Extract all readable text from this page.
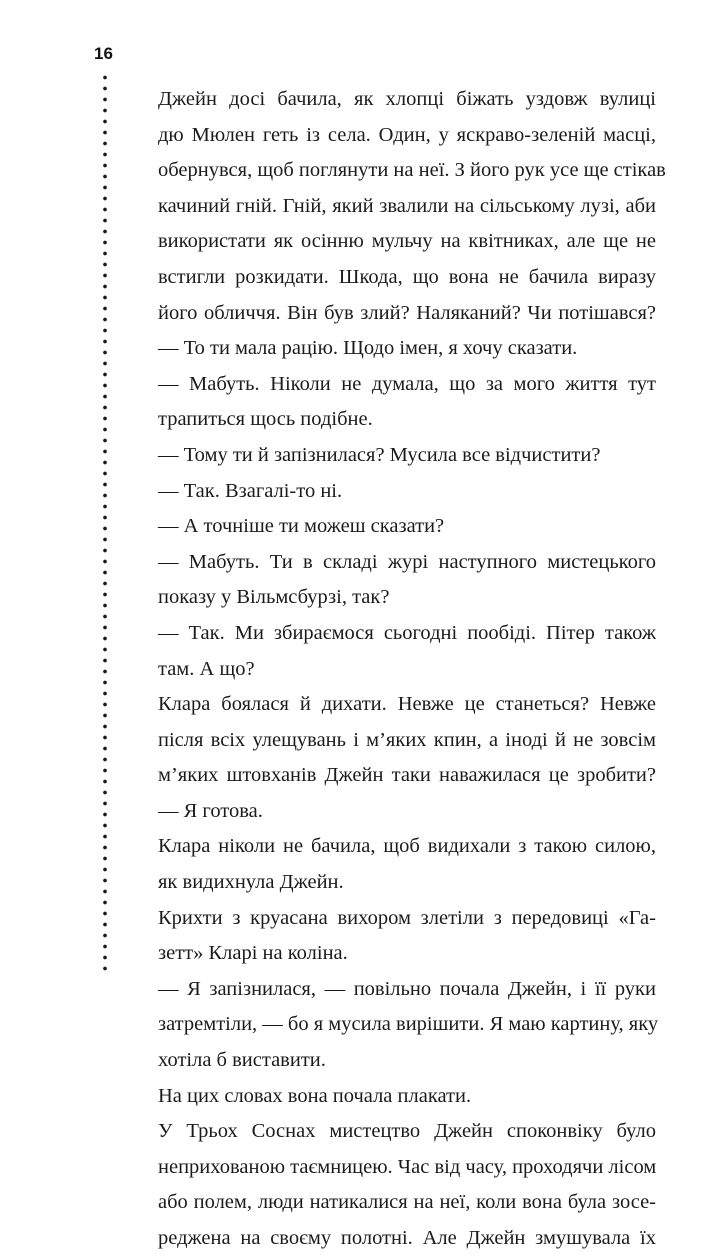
16
Джейн досі бачила, як хлопці біжать уздовж вулиці
дю Мюлен геть із села. Один, у яскраво-зеленій масці,
обернувся, щоб поглянути на неї. З його рук усе ще стікав
качиний гній. Гній, який звалили на сільському лузі, аби
використати як осінню мульчу на квітниках, але ще не
встигли розкидати. Шкода, що вона не бачила виразу
його обличчя. Він був злий? Наляканий? Чи потішався?
— То ти мала рацію. Щодо імен, я хочу сказати.
— Мабуть. Ніколи не думала, що за мого життя тут
трапиться щось подібне.
— Тому ти й запізнилася? Мусила все відчистити?
— Так. Взагалі-то ні.
— А точніше ти можеш сказати?
— Мабуть. Ти в складі журі наступного мистецького
показу у Вільмсбурзі, так?
— Так. Ми збираємося сьогодні пообіді. Пітер також
там. А що?
Клара боялася й дихати. Невже це станеться? Невже
після всіх улещувань і м’яких кпин, а іноді й не зовсім
м’яких штовханів Джейн таки наважилася це зробити?
— Я готова.
Клара ніколи не бачила, щоб видихали з такою силою,
як видихнула Джейн.
Крихти з круасана вихором злетіли з передовиці «Га-
зетт» Кларі на коліна.
— Я запізнилася, — повільно почала Джейн, і її руки
затремтіли, — бо я мусила вирішити. Я маю картину, яку
хотіла б виставити.
На цих словах вона почала плакати.
У Трьох Соснах мистецтво Джейн споконвіку було
неприхованою таємницею. Час від часу, проходячи лісом
або полем, люди натикалися на неї, коли вона була зосе-
реджена на своєму полотні. Але Джейн змушувала їх
